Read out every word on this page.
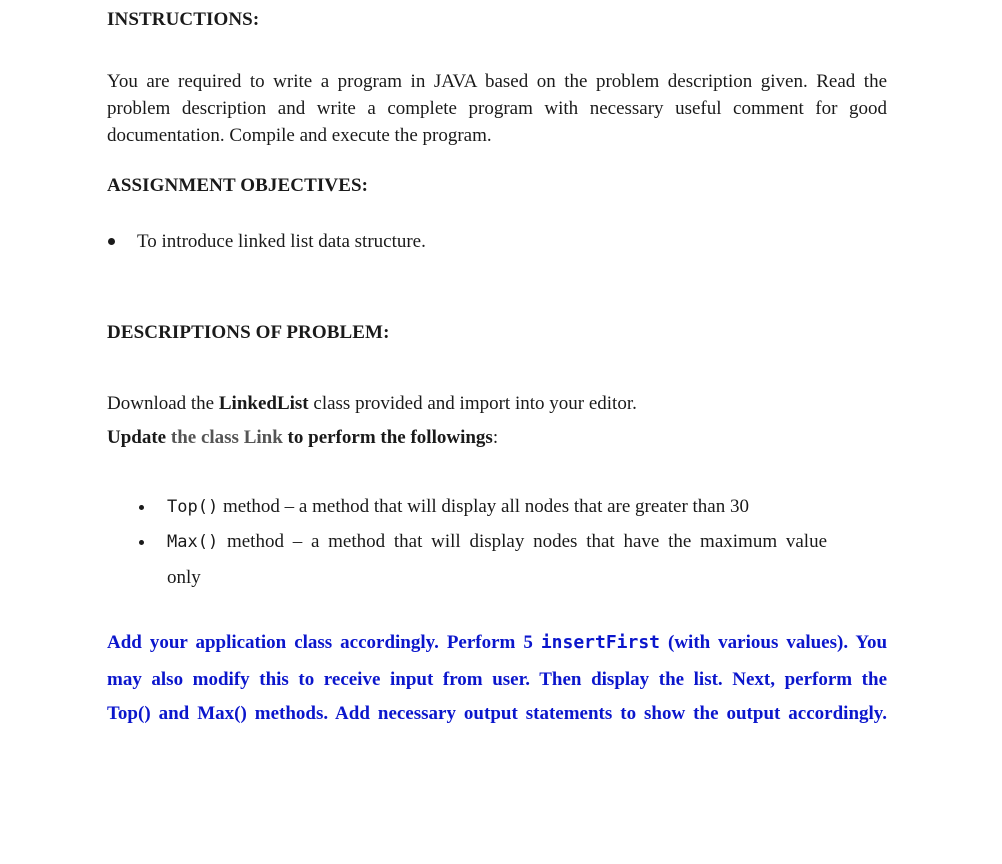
INSTRUCTIONS:
You are required to write a program in JAVA based on the problem description given. Read the problem description and write a complete program with necessary useful comment for good documentation. Compile and execute the program.
ASSIGNMENT OBJECTIVES:
To introduce linked list data structure.
DESCRIPTIONS OF PROBLEM:
Download the LinkedList class provided and import into your editor.
Update the class Link to perform the followings:
Top() method – a method that will display all nodes that are greater than 30
Max() method – a method that will display nodes that have the maximum value
only
Add your application class accordingly. Perform 5 insertFirst (with various values). You
may also modify this to receive input from user. Then display the list. Next, perform the
Top() and Max() methods. Add necessary output statements to show the output accordingly.
